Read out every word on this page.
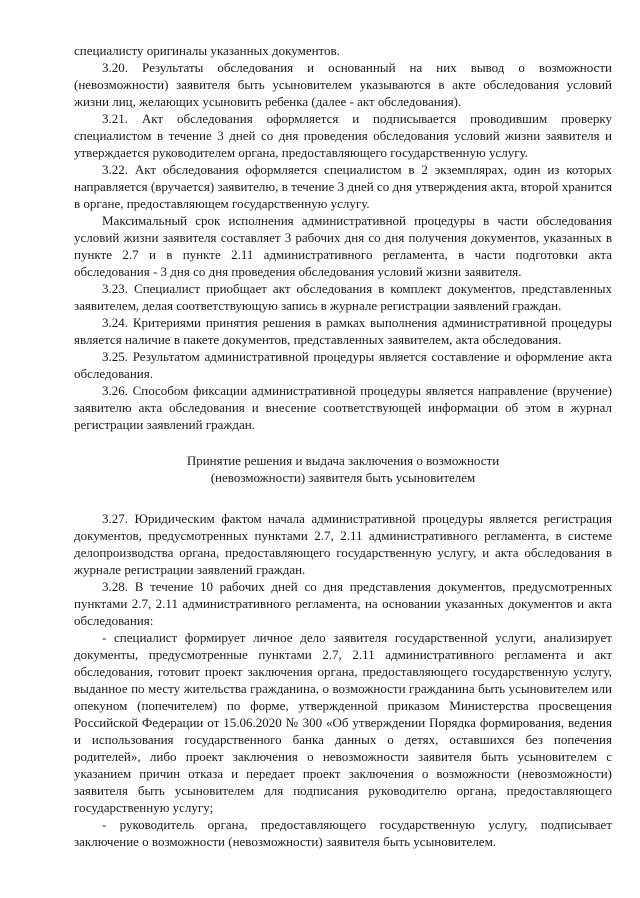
специалисту оригиналы указанных документов.

3.20. Результаты обследования и основанный на них вывод о возможности (невозможности) заявителя быть усыновителем указываются в акте обследования условий жизни лиц, желающих усыновить ребенка (далее - акт обследования).

3.21. Акт обследования оформляется и подписывается проводившим проверку специалистом в течение 3 дней со дня проведения обследования условий жизни заявителя и утверждается руководителем органа, предоставляющего государственную услугу.

3.22. Акт обследования оформляется специалистом в 2 экземплярах, один из которых направляется (вручается) заявителю, в течение 3 дней со дня утверждения акта, второй хранится в органе, предоставляющем государственную услугу.

Максимальный срок исполнения административной процедуры в части обследования условий жизни заявителя составляет 3 рабочих дня со дня получения документов, указанных в пункте 2.7 и в пункте 2.11 административного регламента, в части подготовки акта обследования - 3 дня со дня проведения обследования условий жизни заявителя.

3.23. Специалист приобщает акт обследования в комплект документов, представленных заявителем, делая соответствующую запись в журнале регистрации заявлений граждан.

3.24. Критериями принятия решения в рамках выполнения административной процедуры является наличие в пакете документов, представленных заявителем, акта обследования.

3.25. Результатом административной процедуры является составление и оформление акта обследования.

3.26. Способом фиксации административной процедуры является направление (вручение) заявителю акта обследования и внесение соответствующей информации об этом в журнал регистрации заявлений граждан.

Принятие решения и выдача заключения о возможности
(невозможности) заявителя быть усыновителем

3.27. Юридическим фактом начала административной процедуры является регистрация документов, предусмотренных пунктами 2.7, 2.11 административного регламента, в системе делопроизводства органа, предоставляющего государственную услугу, и акта обследования в журнале регистрации заявлений граждан.

3.28. В течение 10 рабочих дней со дня представления документов, предусмотренных пунктами 2.7, 2.11 административного регламента, на основании указанных документов и акта обследования:

- специалист формирует личное дело заявителя государственной услуги, анализирует документы, предусмотренные пунктами 2.7, 2.11 административного регламента и акт обследования, готовит проект заключения органа, предоставляющего государственную услугу, выданное по месту жительства гражданина, о возможности гражданина быть усыновителем или опекуном (попечителем) по форме, утвержденной приказом Министерства просвещения Российской Федерации от 15.06.2020 № 300 «Об утверждении Порядка формирования, ведения и использования государственного банка данных о детях, оставшихся без попечения родителей», либо проект заключения о невозможности заявителя быть усыновителем с указанием причин отказа и передает проект заключения о возможности (невозможности) заявителя быть усыновителем для подписания руководителю органа, предоставляющего государственную услугу;

- руководитель органа, предоставляющего государственную услугу, подписывает заключение о возможности (невозможности) заявителя быть усыновителем.
